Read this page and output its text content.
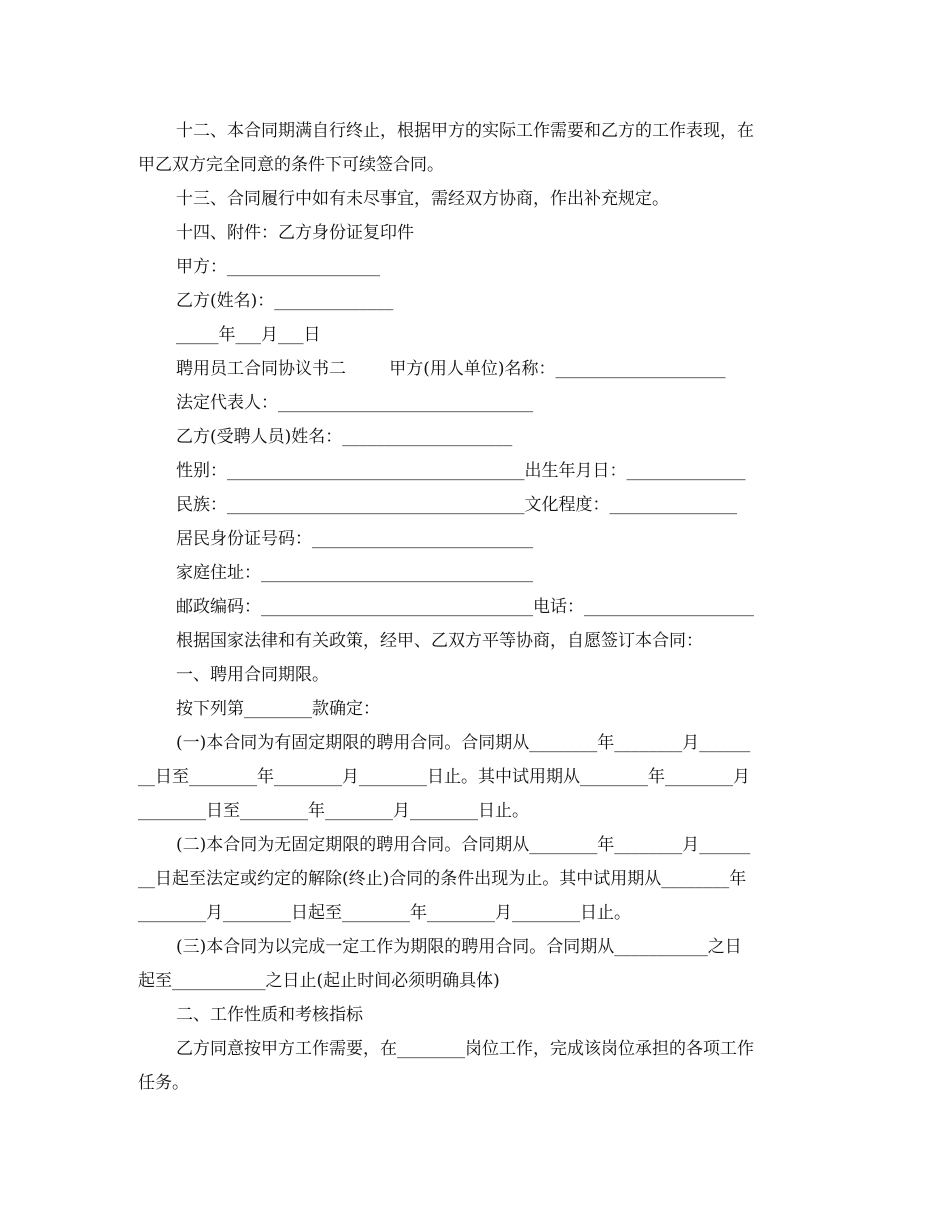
十二、本合同期满自行终止，根据甲方的实际工作需要和乙方的工作表现，在
甲乙双方完全同意的条件下可续签合同。
十三、合同履行中如有未尽事宜，需经双方协商，作出补充规定。
十四、附件：乙方身份证复印件
甲方：__________________
乙方(姓名)：______________
_____年___月___日
聘用员工合同协议书二        甲方(用人单位)名称：____________________
法定代表人：______________________________
乙方(受聘人员)姓名：____________________
性别：___________________________________出生年月日：______________
民族：___________________________________文化程度：_______________
居民身份证号码：__________________________
家庭住址：________________________________
邮政编码：________________________________电话：____________________
根据国家法律和有关政策，经甲、乙双方平等协商，自愿签订本合同：
一、聘用合同期限。
按下列第________款确定：
(一)本合同为有固定期限的聘用合同。合同期从________年________月______
__日至________年________月________日止。其中试用期从________年________月
________日至________年________月________日止。
(二)本合同为无固定期限的聘用合同。合同期从________年________月______
__日起至法定或约定的解除(终止)合同的条件出现为止。其中试用期从________年
________月________日起至________年________月________日止。
(三)本合同为以完成一定工作为期限的聘用合同。合同期从___________之日
起至___________之日止(起止时间必须明确具体)
二、工作性质和考核指标
乙方同意按甲方工作需要，在________岗位工作，完成该岗位承担的各项工作
任务。
